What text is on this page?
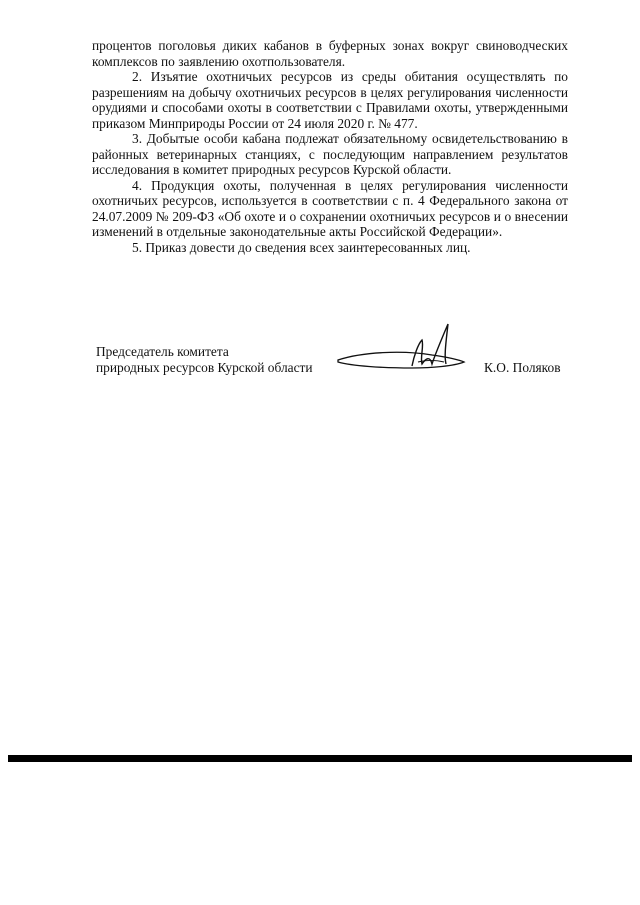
процентов поголовья диких кабанов в буферных зонах вокруг свиноводческих комплексов по заявлению охотпользователя.

2. Изъятие охотничьих ресурсов из среды обитания осуществлять по разрешениям на добычу охотничьих ресурсов в целях регулирования численности орудиями и способами охоты в соответствии с Правилами охоты, утвержденными приказом Минприроды России от 24 июля 2020 г. № 477.

3. Добытые особи кабана подлежат обязательному освидетельствованию в районных ветеринарных станциях, с последующим направлением результатов исследования в комитет природных ресурсов Курской области.

4. Продукция охоты, полученная в целях регулирования численности охотничьих ресурсов, используется в соответствии с п. 4 Федерального закона от 24.07.2009 № 209-ФЗ «Об охоте и о сохранении охотничьих ресурсов и о внесении изменений в отдельные законодательные акты Российской Федерации».

5. Приказ довести до сведения всех заинтересованных лиц.

Председатель комитета
природных ресурсов Курской области	К.О. Поляков
